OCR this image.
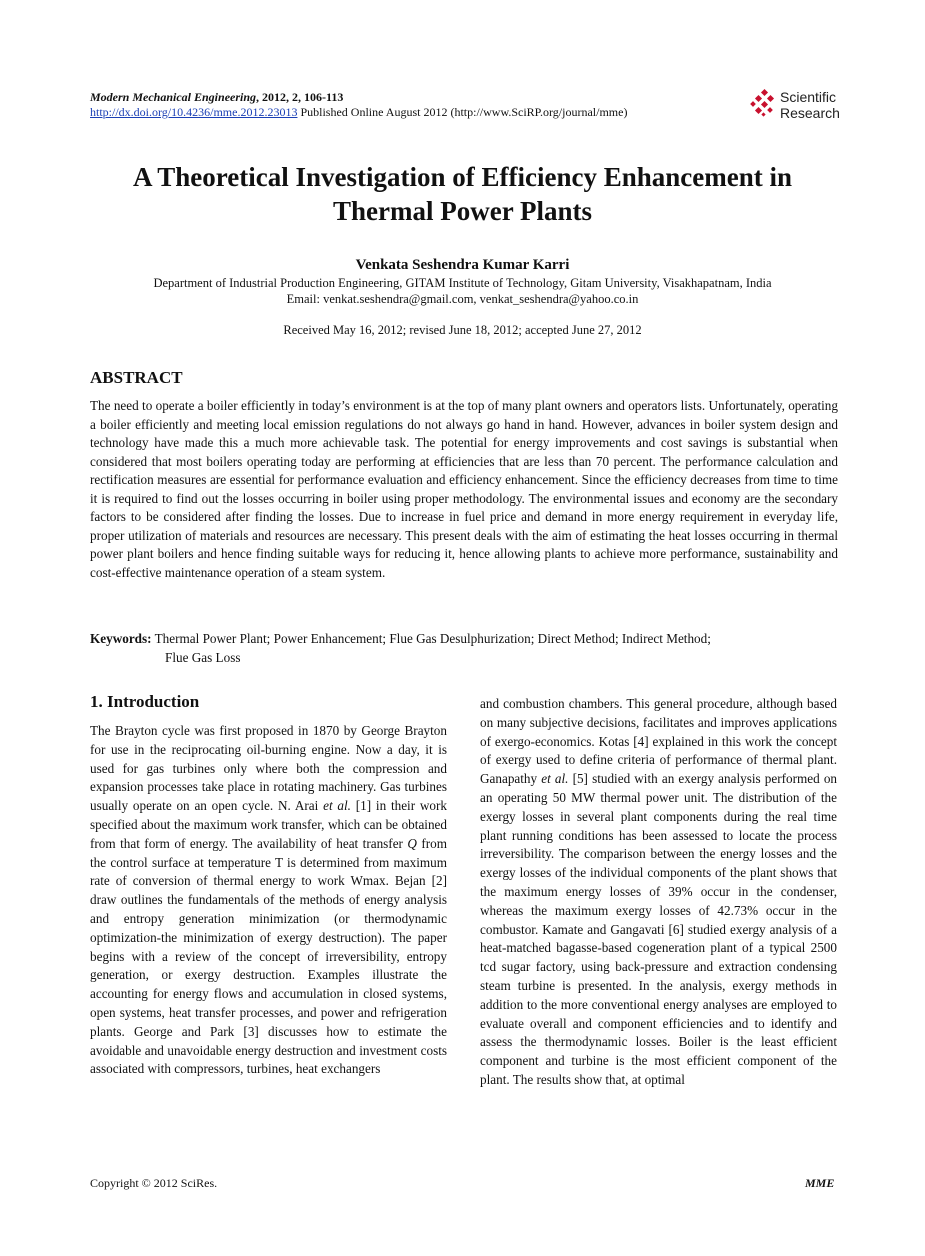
Modern Mechanical Engineering, 2012, 2, 106-113
http://dx.doi.org/10.4236/mme.2012.23013 Published Online August 2012 (http://www.SciRP.org/journal/mme)
Scientific
Research
A Theoretical Investigation of Efficiency Enhancement in
Thermal Power Plants
Venkata Seshendra Kumar Karri
Department of Industrial Production Engineering, GITAM Institute of Technology, Gitam University, Visakhapatnam, India
Email: venkat.seshendra@gmail.com, venkat_seshendra@yahoo.co.in
Received May 16, 2012; revised June 18, 2012; accepted June 27, 2012
ABSTRACT
The need to operate a boiler efficiently in today’s environment is at the top of many plant owners and operators lists. Unfortunately, operating a boiler efficiently and meeting local emission regulations do not always go hand in hand. However, advances in boiler system design and technology have made this a much more achievable task. The potential for energy improvements and cost savings is substantial when considered that most boilers operating today are performing at efficiencies that are less than 70 percent. The performance calculation and rectification measures are essential for performance evaluation and efficiency enhancement. Since the efficiency decreases from time to time it is required to find out the losses occurring in boiler using proper methodology. The environmental issues and economy are the secondary factors to be considered after finding the losses. Due to increase in fuel price and demand in more energy requirement in everyday life, proper utilization of materials and resources are necessary. This present deals with the aim of estimating the heat losses occurring in thermal power plant boilers and hence finding suitable ways for reducing it, hence allowing plants to achieve more performance, sustainability and cost-effective maintenance operation of a steam system.
Keywords: Thermal Power Plant; Power Enhancement; Flue Gas Desulphurization; Direct Method; Indirect Method;
Flue Gas Loss
1. Introduction
The Brayton cycle was first proposed in 1870 by George Brayton for use in the reciprocating oil-burning engine. Now a day, it is used for gas turbines only where both the compression and expansion processes take place in rotating machinery. Gas turbines usually operate on an open cycle. N. Arai et al. [1] in their work specified about the maximum work transfer, which can be obtained from that form of energy. The availability of heat transfer Q from the control surface at temperature T is determined from maximum rate of conversion of thermal energy to work Wmax. Bejan [2] draw outlines the fundamentals of the methods of energy analysis and entropy generation minimization (or thermodynamic optimization-the minimization of exergy destruction). The paper begins with a review of the concept of irreversibility, entropy generation, or exergy destruction. Examples illustrate the accounting for energy flows and accumulation in closed systems, open systems, heat transfer processes, and power and refrigeration plants. George and Park [3] discusses how to estimate the avoidable and unavoidable energy destruction and investment costs associated with compressors, turbines, heat exchangers
and combustion chambers. This general procedure, although based on many subjective decisions, facilitates and improves applications of exergo-economics. Kotas [4] explained in this work the concept of exergy used to define criteria of performance of thermal plant. Ganapathy et al. [5] studied with an exergy analysis performed on an operating 50 MW thermal power unit. The distribution of the exergy losses in several plant components during the real time plant running conditions has been assessed to locate the process irreversibility. The comparison between the energy losses and the exergy losses of the individual components of the plant shows that the maximum energy losses of 39% occur in the condenser, whereas the maximum exergy losses of 42.73% occur in the combustor. Kamate and Gangavati [6] studied exergy analysis of a heat-matched bagasse-based cogeneration plant of a typical 2500 tcd sugar factory, using back-pressure and extraction condensing steam turbine is presented. In the analysis, exergy methods in addition to the more conventional energy analyses are employed to evaluate overall and component efficiencies and to identify and assess the thermodynamic losses. Boiler is the least efficient component and turbine is the most efficient component of the plant. The results show that, at optimal
Copyright © 2012 SciRes.	MME
